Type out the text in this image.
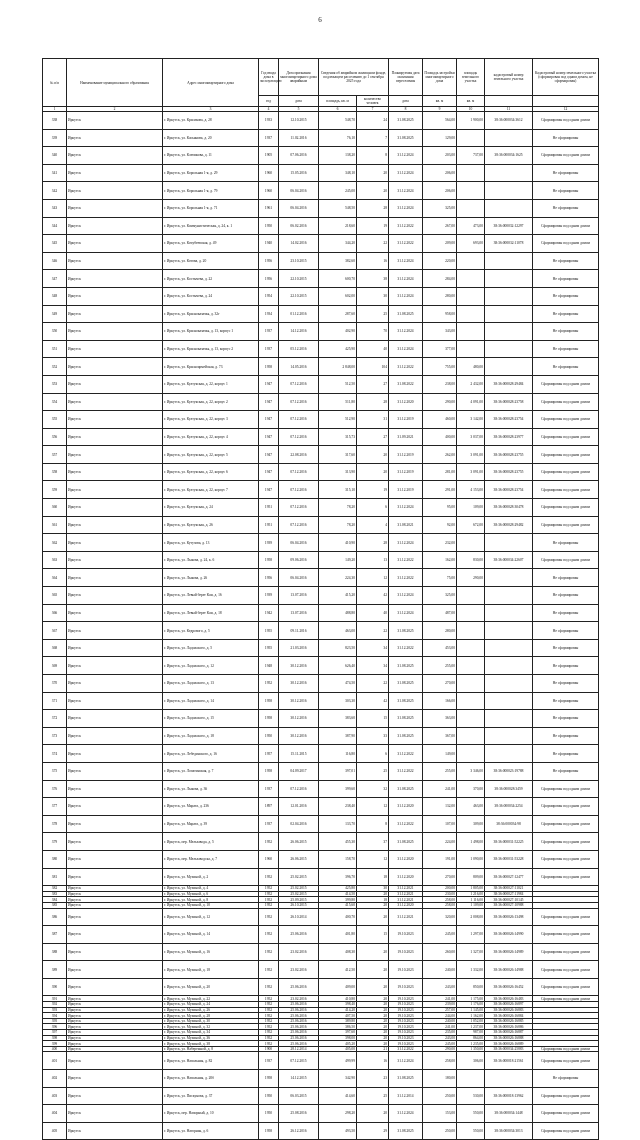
6
№ п/п	Наименование муниципального образования	Адрес многоквартирного дома	Год ввода дома в эксплуатацию	Дата признания многоквартирного дома аварийным	Сведения об аварийном жилищном фонде, подлежащем расселению до 1 сентября 2025 года		Планируемая дата окончания переселения	Площадь застройки многоквартирного дома	площадь земельного участка	кадастровый номер земельного участка	Кадастровый номер земельного участка (сформирован под одним домом, не сформирован)
			год	дата	площадь, кв. м	количество человек	дата	кв. м	кв. м		
1	2	3	4	5	6	7	8	9	10	11	12
338	Иркутск	г. Иркутск, ул. Красикова, д. 28	1933	12.10.2015	548,70	24	31.08.2025	564,00	1 900,00	38:36:000034:3612	Сформирован под одним домом
339	Иркутск	г. Иркутск, ул. Касьянова, д. 20	1937	11.02.2016	76,10	7	31.08.2025	129,00			Не сформирован
340	Иркутск	г. Иркутск, ул. Клепикова, д. 11	1905	07.06.2016	138,20	8	31.12.2024	203,00	737,00	38:36:000034:1625	Сформирован под одним домом
341	Иркутск	г. Иркутск, ул. Корольная 1-я, д. 29	1960	15.05.2016	348,10	20	31.12.2024	206,00			Не сформирован
342	Иркутск	г. Иркутск, ул. Корольная 1-я, д. 79	1960	06.04.2016	245,00	20	31.12.2024	206,00			Не сформирован
343	Иркутск	г. Иркутск, ул. Корольная 1-я, д. 71	1961	06.04.2016	548,50	28	31.12.2024	325,00			Не сформирован
344	Иркутск	г. Иркутск, ул. Коммунистическая, д. 24, к. 1	1950	06.02.2016	218,60	19	31.12.2022	267,00	473,00	38:36:000032:12297	Сформирован под одним домом
345	Иркутск	г. Иркутск, ул. Кочубеевская, д. 49	1940	14.02.2016	344,20	22	31.12.2022	209,00	693,00	38:36:000032:11078	Сформирован под одним домом
346	Иркутск	г. Иркутск, ул. Котова, д. 20	1956	23.10.2015	382,60	16	31.12.2024	220,00			Не сформирован
347	Иркутск	г. Иркутск, ул. Костычева, д. 22	1956	22.10.2015	600,70	38	31.12.2024	284,00			Не сформирован
348	Иркутск	г. Иркутск, ул. Костычева, д. 24	1954	22.10.2015	602,00	30	31.12.2024	280,00			Не сформирован
349	Иркутск	г. Иркутск, ул. Красноказачья, д. 32г	1934	01.12.2016	287,60	25	31.08.2025	958,00			Не сформирован
350	Иркутск	г. Иркутск, ул. Красноказачья, д. 13, корпус 1	1937	14.12.2016	402,90	70	31.12.2024	343,00			Не сформирован
351	Иркутск	г. Иркутск, ул. Красноказачья, д. 13, корпус 2	1937	05.12.2016	425,90	40	31.12.2024	377,00			Не сформирован
352	Иркутск	г. Иркутск, ул. Красноармейская, д. 73	1958	14.05.2016	2 848,00	104	31.12.2022	755,00	480,00		Не сформирован
353	Иркутск	г. Иркутск, ул. Култукская, д. 22, корпус 1	1947	07.12.2016	512,50	27	31.08.2022	238,00	2 432,00	38:36:000028:29484	Сформирован под одним домом
354	Иркутск	г. Иркутск, ул. Култукская, д. 22, корпус 2	1947	07.12.2016	511,80	28	31.12.2020	290,00	4 091,00	38:36:000028:23758	Сформирован под одним домом
355	Иркутск	г. Иркутск, ул. Култукская, д. 22, корпус 3	1947	07.12.2016	512,90	31	31.12.2019	460,00	3 142,00	38:36:000028:23754	Сформирован под одним домом
356	Иркутск	г. Иркутск, ул. Култукская, д. 22, корпус 4	1947	07.12.2016	315,73	27	31.09.2021	400,00	3 037,00	38:36:000028:23977	Сформирован под одним домом
357	Иркутск	г. Иркутск, ул. Култукская, д. 22, корпус 5	1947	22.08.2016	317,60	20	31.12.2019	262,00	3 091,00	38:36:000028:23755	Сформирован под одним домом
358	Иркутск	г. Иркутск, ул. Култукская, д. 22, корпус 6	1947	07.12.2016	313,90	20	31.12.2019	281,00	3 091,00	38:36:000028:23755	Сформирован под одним домом
359	Иркутск	г. Иркутск, ул. Култукская, д. 22, корпус 7	1947	07.12.2016	315,10	19	31.12.2019	291,00	4 153,00	38:36:000028:23754	Сформирован под одним домом
360	Иркутск	г. Иркутск, ул. Култукская, д. 24	1951	07.12.2016	78,20	6	31.12.2024	95,00	109,00	38:36:000028:30478	Сформирован под одним домом
361	Иркутск	г. Иркутск, ул. Култукская, д. 26	1951	07.12.2016	78,20	4	31.08.2021	92,00	672,00	38:36:000028:29482	Сформирован под одним домом
362	Иркутск	г. Иркутск, ул. Кутузова, д. 13	1939	06.04.2016	410,90	28	31.12.2024	232,00			Не сформирован
363	Иркутск	г. Иркутск, ул. Лыкова, д. 24, к. 6	1958	09.06.2016	149,20	13	31.12.2022	162,00	830,00	38:36:000034:22607	Сформирован под одним домом
364	Иркутск	г. Иркутск, ул. Лыкова, д. 26	1956	06.04.2016	224,30	12	31.12.2022	75,00	290,00		Не сформирован
365	Иркутск	г. Иркутск, ул. Левый берег Каи, д. 16	1939	13.07.2016	415,20	42	31.12.2024	325,00			Не сформирован
366	Иркутск	г. Иркутск, ул. Левый берег Каи, д. 18	1942	13.07.2016	488,80	40	31.12.2024	487,00			Не сформирован
367	Иркутск	г. Иркутск, ул. Кедрового, д. 5	1955	09.11.2016	463,00	22	31.08.2025	280,00			Не сформирован
368	Иркутск	г. Иркутск, ул. Ладожского, д. 5	1955	21.03.2016	823,50	34	31.12.2022	453,00			Не сформирован
369	Иркутск	г. Иркутск, ул. Ладожского, д. 12	1948	30.12.2016	626,40	34	31.08.2025	255,00			Не сформирован
370	Иркутск	г. Иркутск, ул. Ладожского, д. 13	1952	30.12.2016	474,50	22	31.08.2025	270,00			Не сформирован
371	Иркутск	г. Иркутск, ул. Ладожского, д. 14	1958	30.12.2016	303,30	42	31.08.2025	166,00			Не сформирован
372	Иркутск	г. Иркутск, ул. Ладожского, д. 15	1958	30.12.2016	383,60	15	31.08.2025	363,00			Не сформирован
373	Иркутск	г. Иркутск, ул. Ладожского, д. 18	1950	30.12.2016	387,90	33	31.08.2025	367,00			Не сформирован
374	Иркутск	г. Иркутск, ул. Лебединского, д. 16	1957	15.11.2015	116,80	6	31.12.2022	149,00			Не сформирован
375	Иркутск	г. Иркутск, ул. Лопатинская, д. 7	1958	04.09.2017	397,01	25	31.12.2022	255,00	3 346,00	38:36:000023:19788	Не сформирован
376	Иркутск	г. Иркутск, ул. Лыкова, д. 36	1937	07.12.2016	399,60	32	31.08.2025	241,00	370,00	38:36:000028:3459	Сформирован под одним домом
377	Иркутск	г. Иркутск, ул. Марата, д. 236	1897	12.01.2016	238,40	12	31.12.2020	132,00	463,00	38:36:000034:2254	Сформирован под одним домом
378	Иркутск	г. Иркутск, ул. Марата, д. 39	1937	02.04.2016	133,70	8	31.12.2022	107,00	309,00	38:36:000034:98	Сформирован под одним домом
379	Иркутск	г. Иркутск, пер. Мельзавода, д. 5	1952	26.06.2015	455,30	37	31.08.2025	224,00	1 498,00	38:36:000031:52225	Сформирован под одним домом
380	Иркутск	г. Иркутск, пер. Мельзаводска, д. 7	1960	26.06.2015	158,70	12	31.12.2020	191,00	1 090,00	38:36:000031:53228	Сформирован под одним домом
381	Иркутск	г. Иркутск, ул. Мухиной, д. 2	1952	25.02.2015	396,70	18	31.12.2020	270,00	809,00	38:36:000027:12477	Сформирован под одним домом
382	Иркутск	г. Иркутск, ул. Мухиной, д. 4	1952	25.02.2015	425,80	30	31.12.2021	200,00	1 805,00	38:36:000027:11021	
383	Иркутск	г. Иркутск, ул. Мухиной, д. 6	1952	25.02.2015	414,50	20	31.12.2021	230,00	1 216,00	38:36:000027:11984	
384	Иркутск	г. Иркутск, ул. Мухиной, д. 8	1952	25.09.2015	399,80	18	31.12.2021	258,00	1 116,00	38:36:000027:10145	
385	Иркутск	г. Иркутск, ул. Мухиной, д. 10	1952	26.10.2015	415,60	20	31.12.2020	258,00	1 109,00	38:36:000027:10988	
386	Иркутск	г. Иркутск, ул. Мухиной, д. 12	1952	26.10.2014	400,70	20	31.12.2021	320,00	2 008,00	38:36:000026:13498	Сформирован под одним домом
387	Иркутск	г. Иркутск, ул. Мухиной, д. 14	1952	25.06.2016	401,80	15	19.10.2023	245,00	1 297,00	38:36:000026:14990	Сформирован под одним домом
388	Иркутск	г. Иркутск, ул. Мухиной, д. 16	1952	23.02.2016	408,30	20	19.10.2023	260,00	1 327,00	38:36:000026:14989	Сформирован под одним домом
389	Иркутск	г. Иркутск, ул. Мухиной, д. 18	1952	23.02.2016	412,50	20	19.10.2023	240,00	1 332,00	38:36:000026:14988	Сформирован под одним домом
390	Иркутск	г. Иркутск, ул. Мухиной, д. 20	1952	25.06.2016	409,00	20	19.10.2023	243,00	850,00	38:36:000026:16452	Сформирован под одним домом
391	Иркутск	г. Иркутск, ул. Мухиной, д. 22	1952	23.02.2016	410,80	20	19.10.2023	241,00	1 175,00	38:36:000026:16483	Сформирован под одним домом
392	Иркутск	г. Иркутск, ул. Мухиной, д. 24	1952	25.06.2016	398,40	20	19.10.2023	239,00	1 176,00	38:36:000026:16897	
393	Иркутск	г. Иркутск, ул. Мухиной, д. 26	1952	25.06.2016	414,20	20	19.10.2023	257,00	1 145,00	38:36:000026:16883	
394	Иркутск	г. Иркутск, ул. Мухиной, д. 28	1952	25.06.2016	407,50	20	19.10.2023	244,00	1 162,00	38:36:000026:16884	
395	Иркутск	г. Иркутск, ул. Мухиной, д. 30	1952	25.06.2016	389,80	20	19.10.2023	240,00	1 052,00	38:36:000026:16885	
396	Иркутск	г. Иркутск, ул. Мухиной, д. 32	1952	25.06.2016	386,50	20	19.10.2023	241,00	1 237,00	38:36:000026:16886	
397	Иркутск	г. Иркутск, ул. Мухиной, д. 34	1952	25.06.2016	397,60	20	19.10.2023	235,00	987,00	38:36:000026:16887	
398	Иркутск	г. Иркутск, ул. Мухиной, д. 36	1952	25.06.2016	398,00	20	19.10.2023	243,00	864,00	38:36:000026:16888	
399	Иркутск	г. Иркутск, ул. Мухиной, д. 38	1952	25.06.2016	405,20	20	19.10.2023	245,00	1 235,00	38:36:000026:16889	
400	Иркутск	г. Иркутск, ул. Набережной, д. 8	1900	28.12.2014	405,00	21	31.12.2022	290,00	1 350,00	38:36:000034:25883	Сформирован под одним домом
401	Иркутск	г. Иркутск, ул. Напольная, д. 82	1937	07.12.2015	499,99	16	31.12.2024	258,00	306,00	38:36:000018:21561	Сформирован под одним домом
402	Иркутск	г. Иркутск, ул. Напольная, д. 20б	1958	14.12.2015	342,90	23	31.08.2025	180,00			Не сформирован
403	Иркутск	г. Иркутск, ул. Пискунова, д. 37	1950	06.03.2015	414,60	25	31.12.2014	250,00	530,00	38:36:000018:13962	Сформирован под одним домом
404	Иркутск	г. Иркутск, пер. Напорный, д. 10	1950	25.08.2016	298,20	20	31.12.2024	153,00	550,00	38:36:000034:1448	Сформирован под одним домом
405	Иркутск	г. Иркутск, ул. Нагорная, д. 6	1958	26.12.2016	493,50	29	31.08.2025	250,00	550,00	38:36:000034:3013	Сформирован под одним домом
